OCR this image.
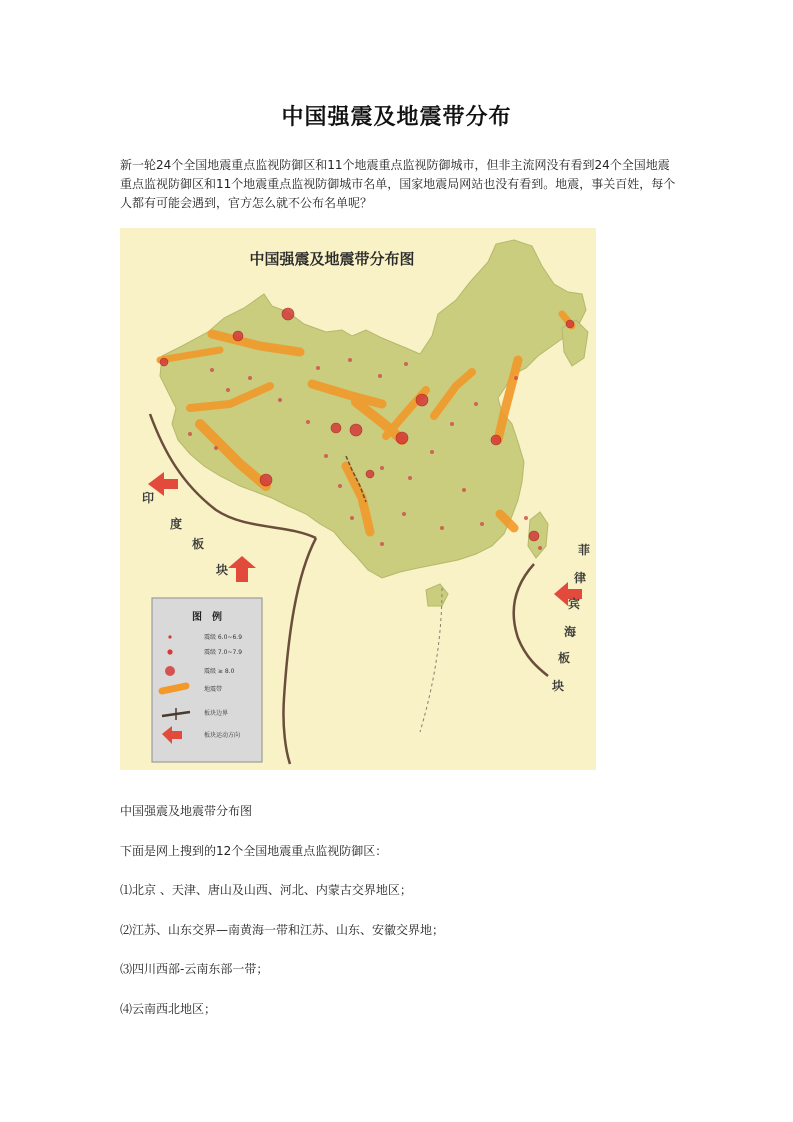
中国强震及地震带分布
新一轮24个全国地震重点监视防御区和11个地震重点监视防御城市，但非主流网没有看到24个全国地震重点监视防御区和11个地震重点监视防御城市名单，国家地震局网站也没有看到。地震，事关百姓，每个人都有可能会遇到，官方怎么就不公布名单呢？
中国强震及地震带分布图
印
度
板
块
菲
律
宾
海
板
块
图　例
震级 6.0~6.9
震级 7.0~7.9
震级 ≥ 8.0
地震带
板块边界
板块运动方向
中国强震及地震带分布图
下面是网上搜到的12个全国地震重点监视防御区：
⑴北京 、天津、唐山及山西、河北、内蒙古交界地区；
⑵江苏、山东交界—南黄海一带和江苏、山东、安徽交界地；
⑶四川西部-云南东部一带；
⑷云南西北地区；
